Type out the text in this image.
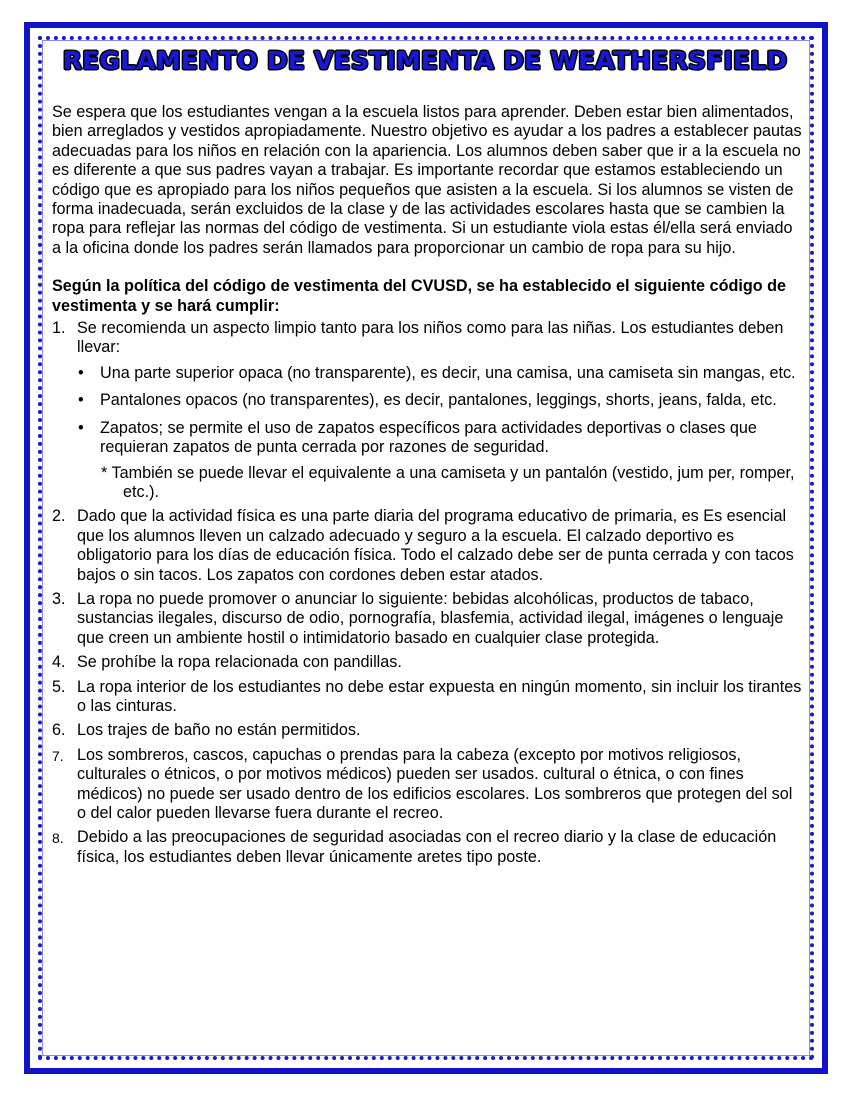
REGLAMENTO DE VESTIMENTA DE WEATHERSFIELD

Se espera que los estudiantes vengan a la escuela listos para aprender. Deben estar bien alimentados, bien arreglados y vestidos apropiadamente. Nuestro objetivo es ayudar a los padres a establecer pautas adecuadas para los niños en relación con la apariencia. Los alumnos deben saber que ir a la escuela no es diferente a que sus padres vayan a trabajar. Es importante recordar que estamos estableciendo un código que es apropiado para los niños pequeños que asisten a la escuela. Si los alumnos se visten de forma inadecuada, serán excluidos de la clase y de las actividades escolares hasta que se cambien la ropa para reflejar las normas del código de vestimenta. Si un estudiante viola estas él/ella será enviado a la oficina donde los padres serán llamados para proporcionar un cambio de ropa para su hijo.

Según la política del código de vestimenta del CVUSD, se ha establecido el siguiente código de vestimenta y se hará cumplir:

1. Se recomienda un aspecto limpio tanto para los niños como para las niñas. Los estudiantes deben llevar:
• Una parte superior opaca (no transparente), es decir, una camisa, una camiseta sin mangas, etc.
• Pantalones opacos (no transparentes), es decir, pantalones, leggings, shorts, jeans, falda, etc.
• Zapatos; se permite el uso de zapatos específicos para actividades deportivas o clases que requieran zapatos de punta cerrada por razones de seguridad.

* También se puede llevar el equivalente a una camiseta y un pantalón (vestido, jum per, romper, etc.).

2. Dado que la actividad física es una parte diaria del programa educativo de primaria, es Es esencial que los alumnos lleven un calzado adecuado y seguro a la escuela. El calzado deportivo es obligatorio para los días de educación física. Todo el calzado debe ser de punta cerrada y con tacos bajos o sin tacos. Los zapatos con cordones deben estar atados.
3. La ropa no puede promover o anunciar lo siguiente: bebidas alcohólicas, productos de tabaco, sustancias ilegales, discurso de odio, pornografía, blasfemia, actividad ilegal, imágenes o lenguaje que creen un ambiente hostil o intimidatorio basado en cualquier clase protegida.
4. Se prohíbe la ropa relacionada con pandillas.
5. La ropa interior de los estudiantes no debe estar expuesta en ningún momento, sin incluir los tirantes o las cinturas.
6. Los trajes de baño no están permitidos.
7. Los sombreros, cascos, capuchas o prendas para la cabeza (excepto por motivos religiosos, culturales o étnicos, o por motivos médicos) pueden ser usados. cultural o étnica, o con fines médicos) no puede ser usado dentro de los edificios escolares. Los sombreros que protegen del sol o del calor pueden llevarse fuera durante el recreo.
8. Debido a las preocupaciones de seguridad asociadas con el recreo diario y la clase de educación física, los estudiantes deben llevar únicamente aretes tipo poste.
